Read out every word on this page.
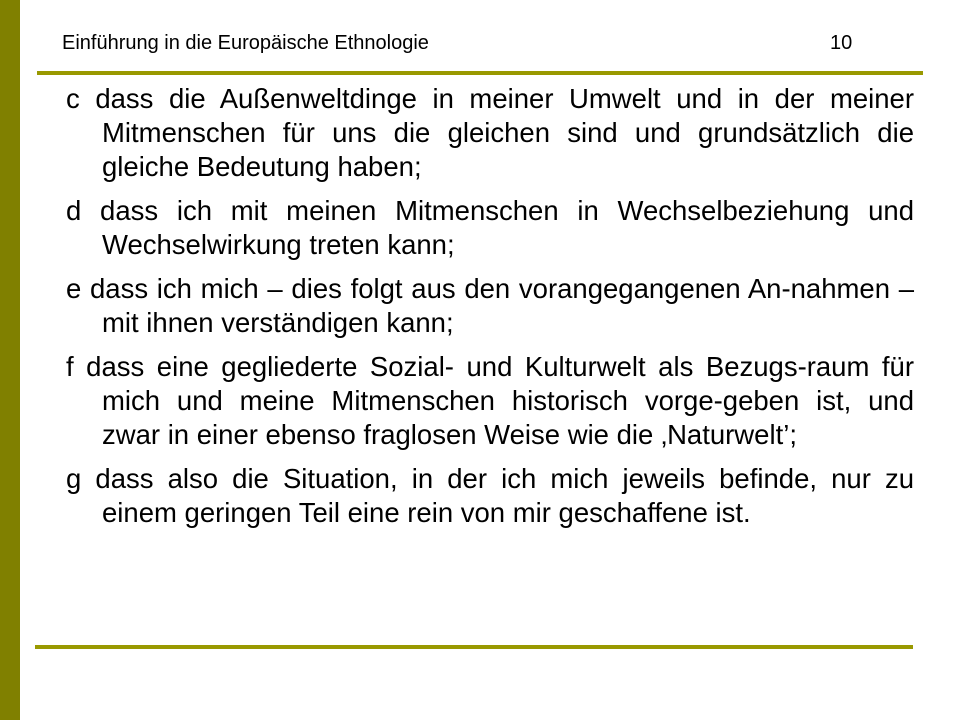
Einführung in die Europäische Ethnologie	10
c dass die Außenweltdinge in meiner Umwelt und in der meiner Mitmenschen für uns die gleichen sind und grundsätzlich die gleiche Bedeutung haben;
d dass ich mit meinen Mitmenschen in Wechselbeziehung und Wechselwirkung treten kann;
e dass ich mich – dies folgt aus den vorangegangenen An-nahmen – mit ihnen verständigen kann;
f dass eine gegliederte Sozial- und Kulturwelt als Bezugs-raum für mich und meine Mitmenschen historisch vorge-geben ist, und zwar in einer ebenso fraglosen Weise wie die ‚Naturwelt’;
g dass also die Situation, in der ich mich jeweils befinde, nur zu einem geringen Teil eine rein von mir geschaffene ist.
